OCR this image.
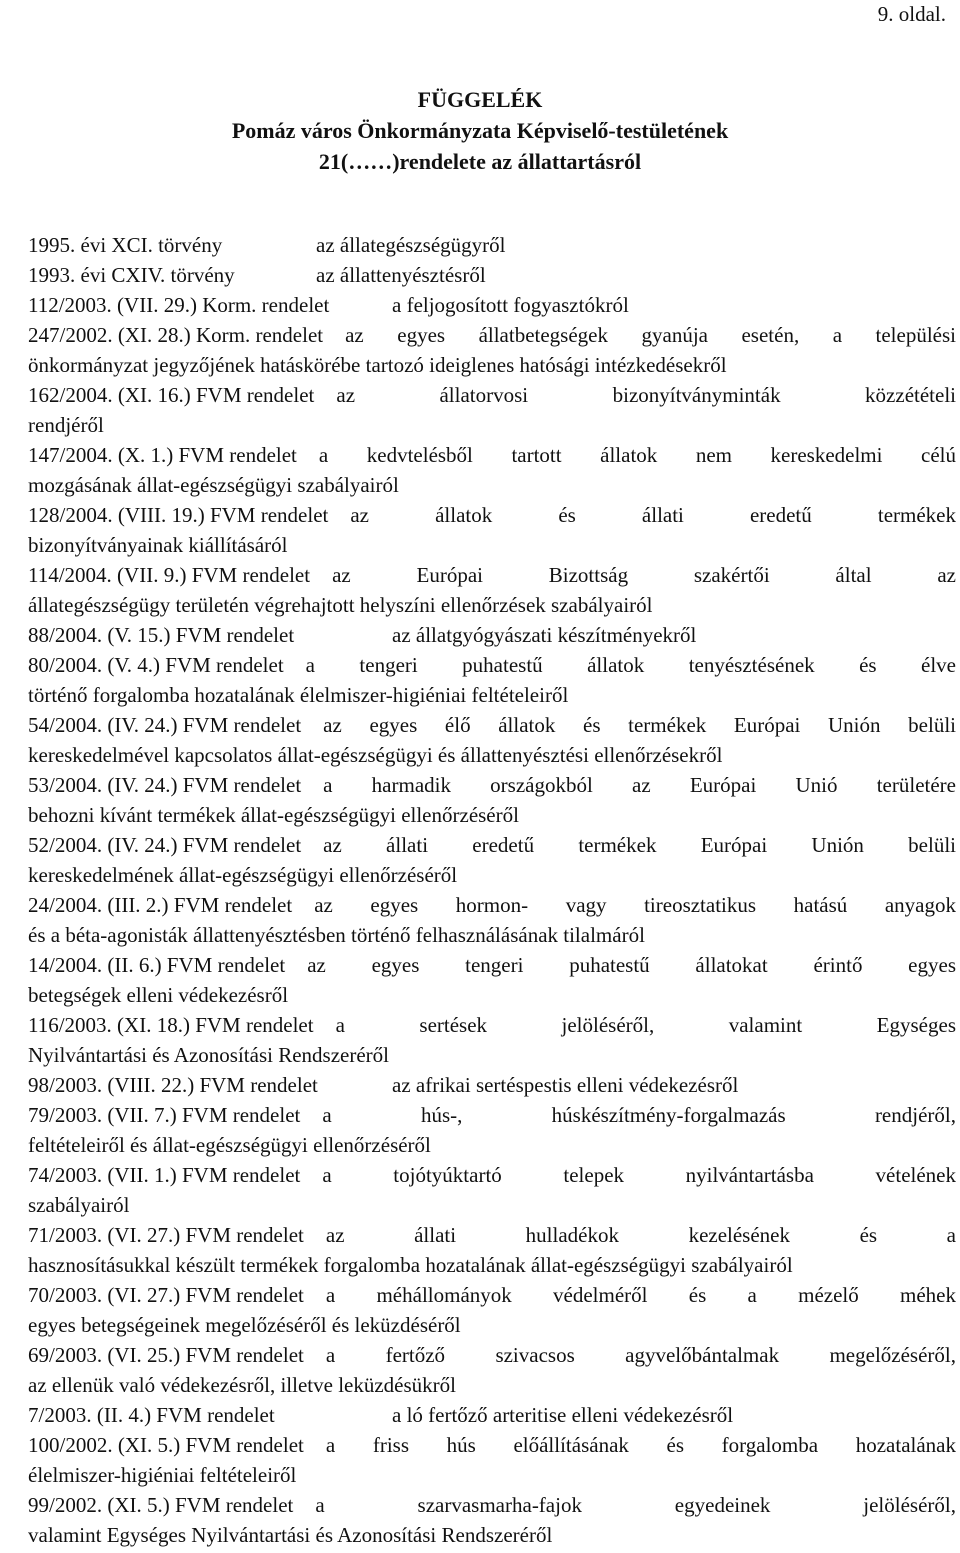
9. oldal.
FÜGGELÉK
Pomáz város Önkormányzata Képviselő-testületének
21(……)rendelete az állattartásról
1995. évi XCI. törvény	az állategészségügyről
1993. évi CXIV. törvény	az állattenyésztésről
112/2003. (VII. 29.) Korm. rendelet	a feljogosított fogyasztókról
247/2002. (XI. 28.) Korm. rendelet az egyes állatbetegségek gyanúja esetén, a települési
önkormányzat jegyzőjének hatáskörébe tartozó ideiglenes hatósági intézkedésekről
162/2004. (XI. 16.) FVM rendelet az állatorvosi bizonyítványminták közzétételi
rendjéről
147/2004. (X. 1.) FVM rendelet a kedvtelésből tartott állatok nem kereskedelmi célú
mozgásának állat-egészségügyi szabályairól
128/2004. (VIII. 19.) FVM rendelet az állatok és állati eredetű termékek
bizonyítványainak kiállításáról
114/2004. (VII. 9.) FVM rendelet az Európai Bizottság szakértői által az
állategészségügy területén végrehajtott helyszíni ellenőrzések szabályairól
88/2004. (V. 15.) FVM rendelet	az állatgyógyászati készítményekről
80/2004. (V. 4.) FVM rendelet a tengeri puhatestű állatok tenyésztésének és élve
történő forgalomba hozatalának élelmiszer-higiéniai feltételeiről
54/2004. (IV. 24.) FVM rendelet az egyes élő állatok és termékek Európai Unión belüli
kereskedelmével kapcsolatos állat-egészségügyi és állattenyésztési ellenőrzésekről
53/2004. (IV. 24.) FVM rendelet a harmadik országokból az Európai Unió területére
behozni kívánt termékek állat-egészségügyi ellenőrzéséről
52/2004. (IV. 24.) FVM rendelet az állati eredetű termékek Európai Unión belüli
kereskedelmének állat-egészségügyi ellenőrzéséről
24/2004. (III. 2.) FVM rendelet az egyes hormon- vagy tireosztatikus hatású anyagok
és a béta-agonisták állattenyésztésben történő felhasználásának tilalmáról
14/2004. (II. 6.) FVM rendelet az egyes tengeri puhatestű állatokat érintő egyes
betegségek elleni védekezésről
116/2003. (XI. 18.) FVM rendelet a sertések jelöléséről, valamint Egységes
Nyilvántartási és Azonosítási Rendszeréről
98/2003. (VIII. 22.) FVM rendelet	az afrikai sertéspestis elleni védekezésről
79/2003. (VII. 7.) FVM rendelet a hús-, húskészítmény-forgalmazás rendjéről,
feltételeiről és állat-egészségügyi ellenőrzéséről
74/2003. (VII. 1.) FVM rendelet a tojótyúktartó telepek nyilvántartásba vételének
szabályairól
71/2003. (VI. 27.) FVM rendelet az állati hulladékok kezelésének és a
hasznosításukkal készült termékek forgalomba hozatalának állat-egészségügyi szabályairól
70/2003. (VI. 27.) FVM rendelet a méhállományok védelméről és a mézelő méhek
egyes betegségeinek megelőzéséről és leküzdéséről
69/2003. (VI. 25.) FVM rendelet a fertőző szivacsos agyvelőbántalmak megelőzéséről,
az ellenük való védekezésről, illetve leküzdésükről
7/2003. (II. 4.) FVM rendelet	a ló fertőző arteritise elleni védekezésről
100/2002. (XI. 5.) FVM rendelet a friss hús előállításának és forgalomba hozatalának
élelmiszer-higiéniai feltételeiről
99/2002. (XI. 5.) FVM rendelet a szarvasmarha-fajok egyedeinek jelöléséről,
valamint Egységes Nyilvántartási és Azonosítási Rendszeréről
